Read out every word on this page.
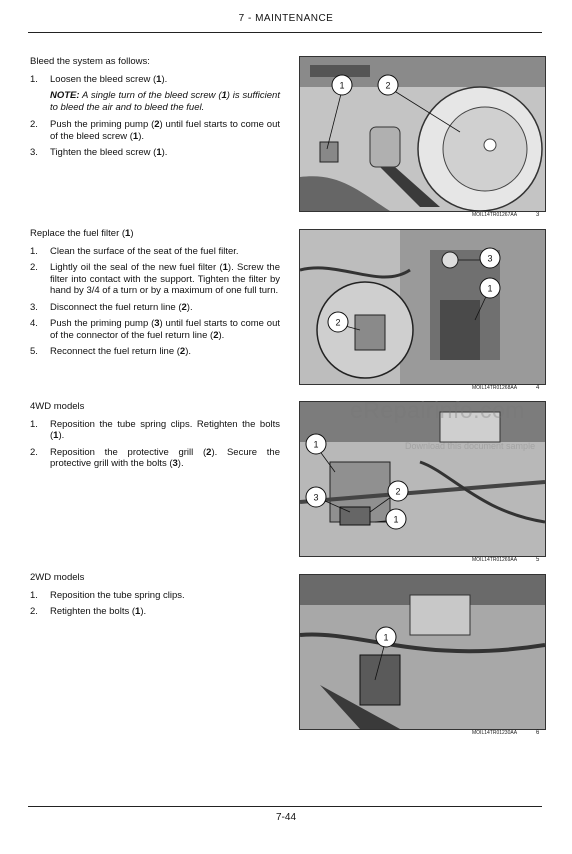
7 - MAINTENANCE
Bleed the system as follows:
1.	Loosen the bleed screw (1).
NOTE: A single turn of the bleed screw (1) is sufficient to bleed the air and to bleed the fuel.
2.	Push the priming pump (2) until fuel starts to come out of the bleed screw (1).
3.	Tighten the bleed screw (1).
Replace the fuel filter (1)
1.	Clean the surface of the seat of the fuel filter.
2.	Lightly oil the seal of the new fuel filter (1). Screw the filter into contact with the support. Tighten the filter by hand by 3/4 of a turn or by a maximum of one full turn.
3.	Disconnect the fuel return line (2).
4.	Push the priming pump (3) until fuel starts to come out of the connector of the fuel return line (2).
5.	Reconnect the fuel return line (2).
4WD models
1.	Reposition the tube spring clips. Retighten the bolts (1).
2.	Reposition the protective grill (2). Secure the protective grill with the bolts (3).
2WD models
1.	Reposition the tube spring clips.
2.	Retighten the bolts (1).
1	2
MOIL14TR01267AA	3
3
1
2
MOIL14TR01268AA	4
1
2
3
1
MOIL14TR01269AA	5
1
MOIL14TR01230AA	6
eRepairinfo.com
Download this document sample
7-44
